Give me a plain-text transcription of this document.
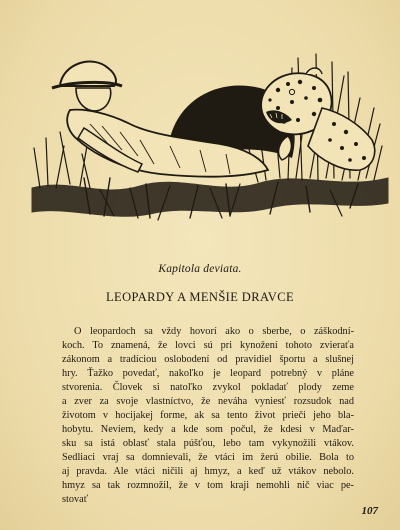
Kapitola deviata.
LEOPARDY A MENŠIE DRAVCE
O leopardoch sa vždy hovorí ako o sberbe, o záškodní-
koch. To znamená, že lovci sú pri kynožení tohoto zvieraťa
zákonom a tradíciou oslobodení od pravidiel športu a slušnej
hry. Ťažko povedať, nakoľko je leopard potrebný v pláne
stvorenia. Človek si natoľko zvykol pokladať plody zeme
a zver za svoje vlastníctvo, že neváha vyniesť rozsudok nad
životom v hocijakej forme, ak sa tento život prieči jeho bla-
hobytu. Neviem, kedy a kde som počul, že kdesi v Maďar-
sku sa istá oblasť stala púšťou, lebo tam vykynožili vtákov.
Sedliaci vraj sa domnievali, že vtáci im žerú obilie. Bola to
aj pravda. Ale vtáci ničili aj hmyz, a keď už vtákov nebolo.
hmyz sa tak rozmnožil, že v tom kraji nemohli nič viac pe-
stovať
107
